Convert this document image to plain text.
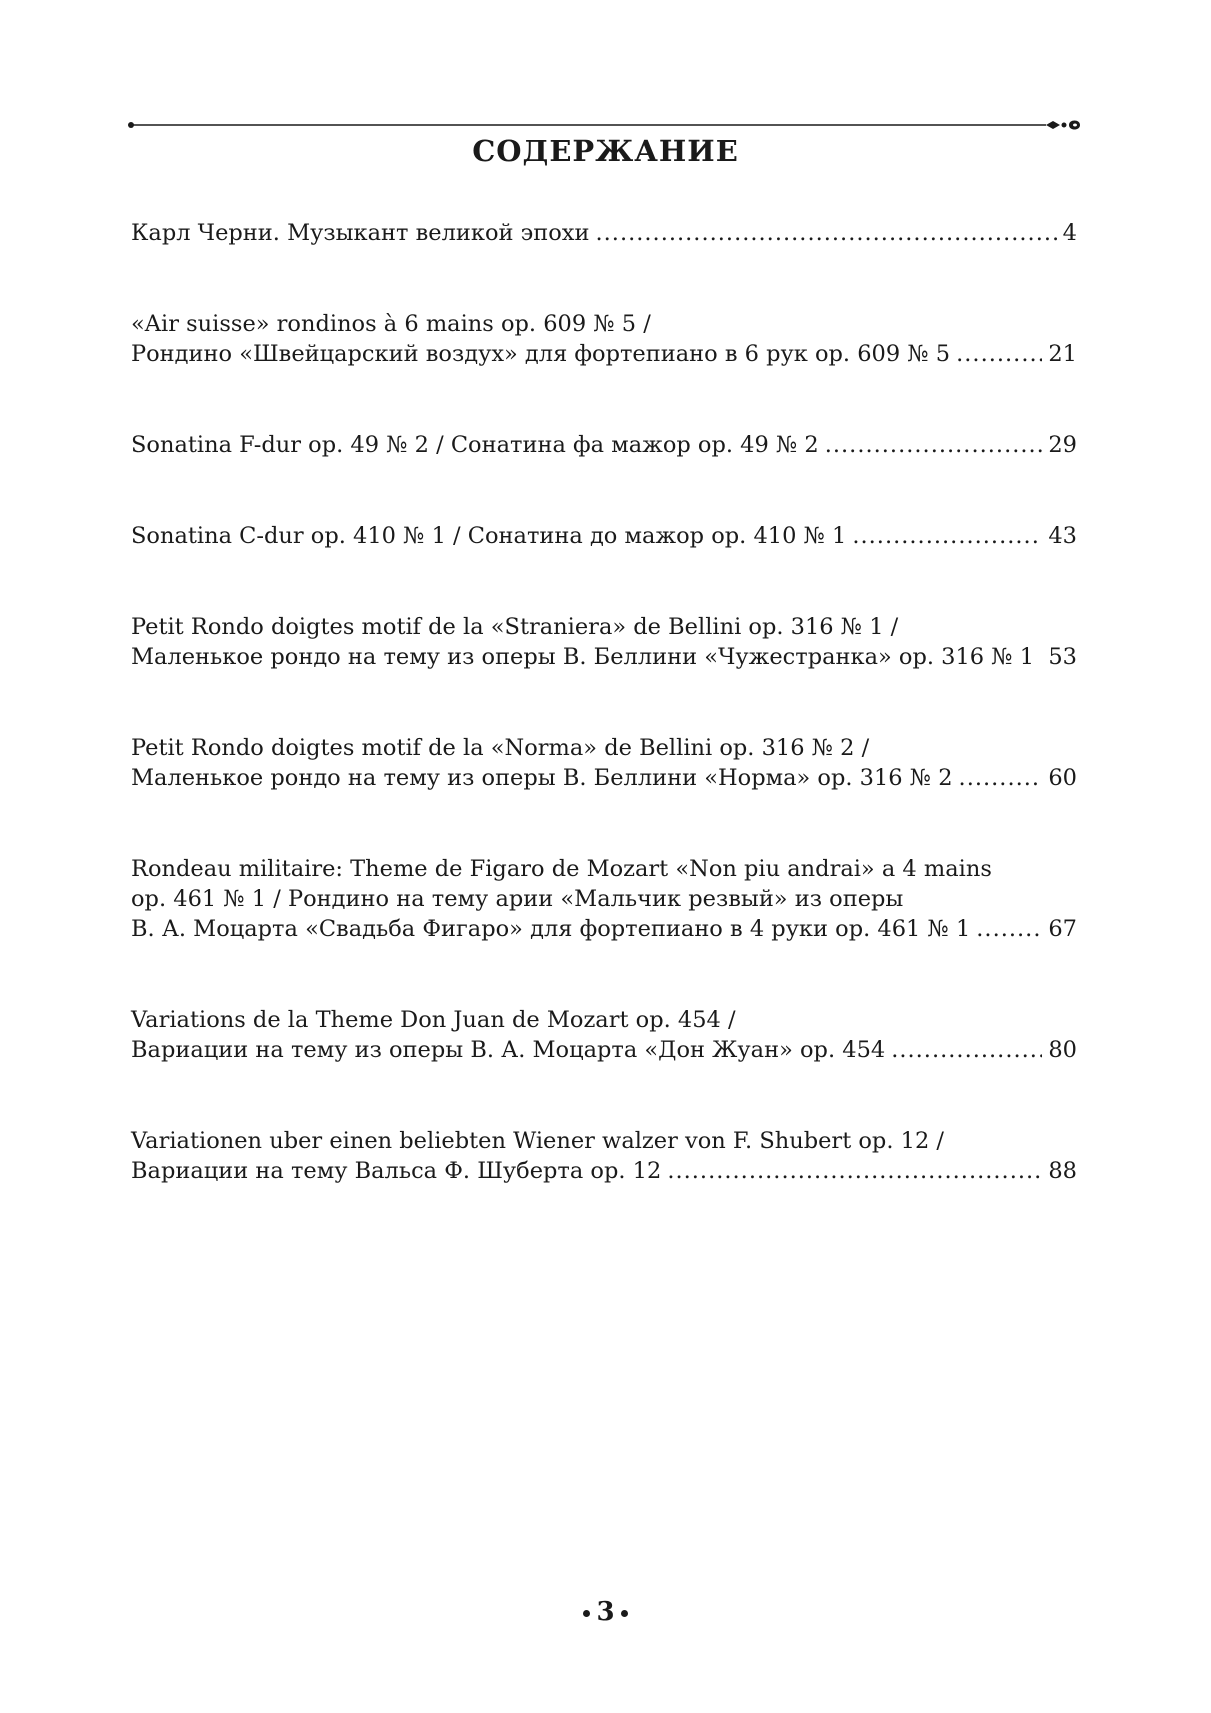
СОДЕРЖАНИЕ
Карл Черни. Музыкант великой эпохи .....	4
«Air suisse» rondinos à 6 mains op. 609 № 5 /
Рондино «Швейцарский воздух» для фортепиано в 6 рук op. 609 № 5 .....	21
Sonatina F-dur op. 49 № 2 / Сонатина фа мажор op. 49 № 2 .....	29
Sonatina C-dur op. 410 № 1 / Сонатина до мажор op. 410 № 1 .....	43
Petit Rondo doigtes motif de la «Straniera» de Bellini op. 316 № 1 /
Маленькое рондо на тему из оперы В. Беллини «Чужестранка» op. 316 № 1 ..... 53
Petit Rondo doigtes motif de la «Norma» de Bellini op. 316 № 2 /
Маленькое рондо на тему из оперы В. Беллини «Норма» op. 316 № 2 .....	60
Rondeau militaire: Theme de Figaro de Mozart «Non piu andrai» a 4 mains
op. 461 № 1 / Рондино на тему арии «Мальчик резвый» из оперы
В. А. Моцарта «Свадьба Фигаро» для фортепиано в 4 руки op. 461 № 1 .....	67
Variations de la Theme Don Juan de Mozart op. 454 /
Вариации на тему из оперы В. А. Моцарта «Дон Жуан» op. 454 .....	80
Variationen uber einen beliebten Wiener walzer von F. Shubert op. 12 /
Вариации на тему Вальса Ф. Шуберта op. 12 .....	88
3
